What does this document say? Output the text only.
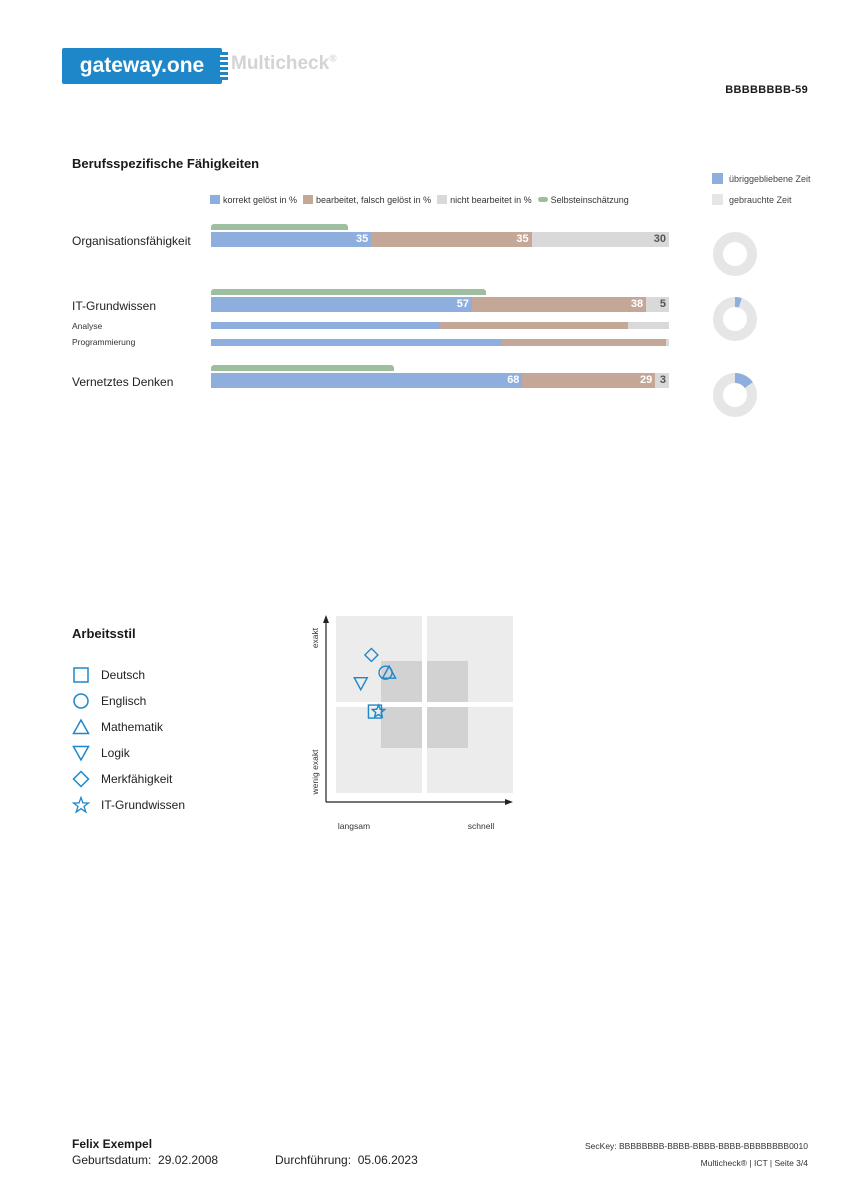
gateway.one	Multicheck®
BBBBBBBB-59
Berufsspezifische Fähigkeiten
korrekt gelöst in %	bearbeitet, falsch gelöst in %	nicht bearbeitet in %	Selbsteinschätzung
übriggebliebene Zeit
gebrauchte Zeit
Organisationsfähigkeit	35	35	30
IT-Grundwissen	57	38	5
Analyse
Programmierung
Vernetztes Denken	68	29 3
Arbeitsstil
Deutsch
Englisch
Mathematik
Logik
Merkfähigkeit
IT-Grundwissen
exakt
wenig exakt
langsam	schnell
Felix Exempel
Geburtsdatum: 29.02.2008	Durchführung: 05.06.2023
SecKey: BBBBBBBB-BBBB-BBBB-BBBB-BBBBBBBB0010
Multicheck® | ICT | Seite 3/4
